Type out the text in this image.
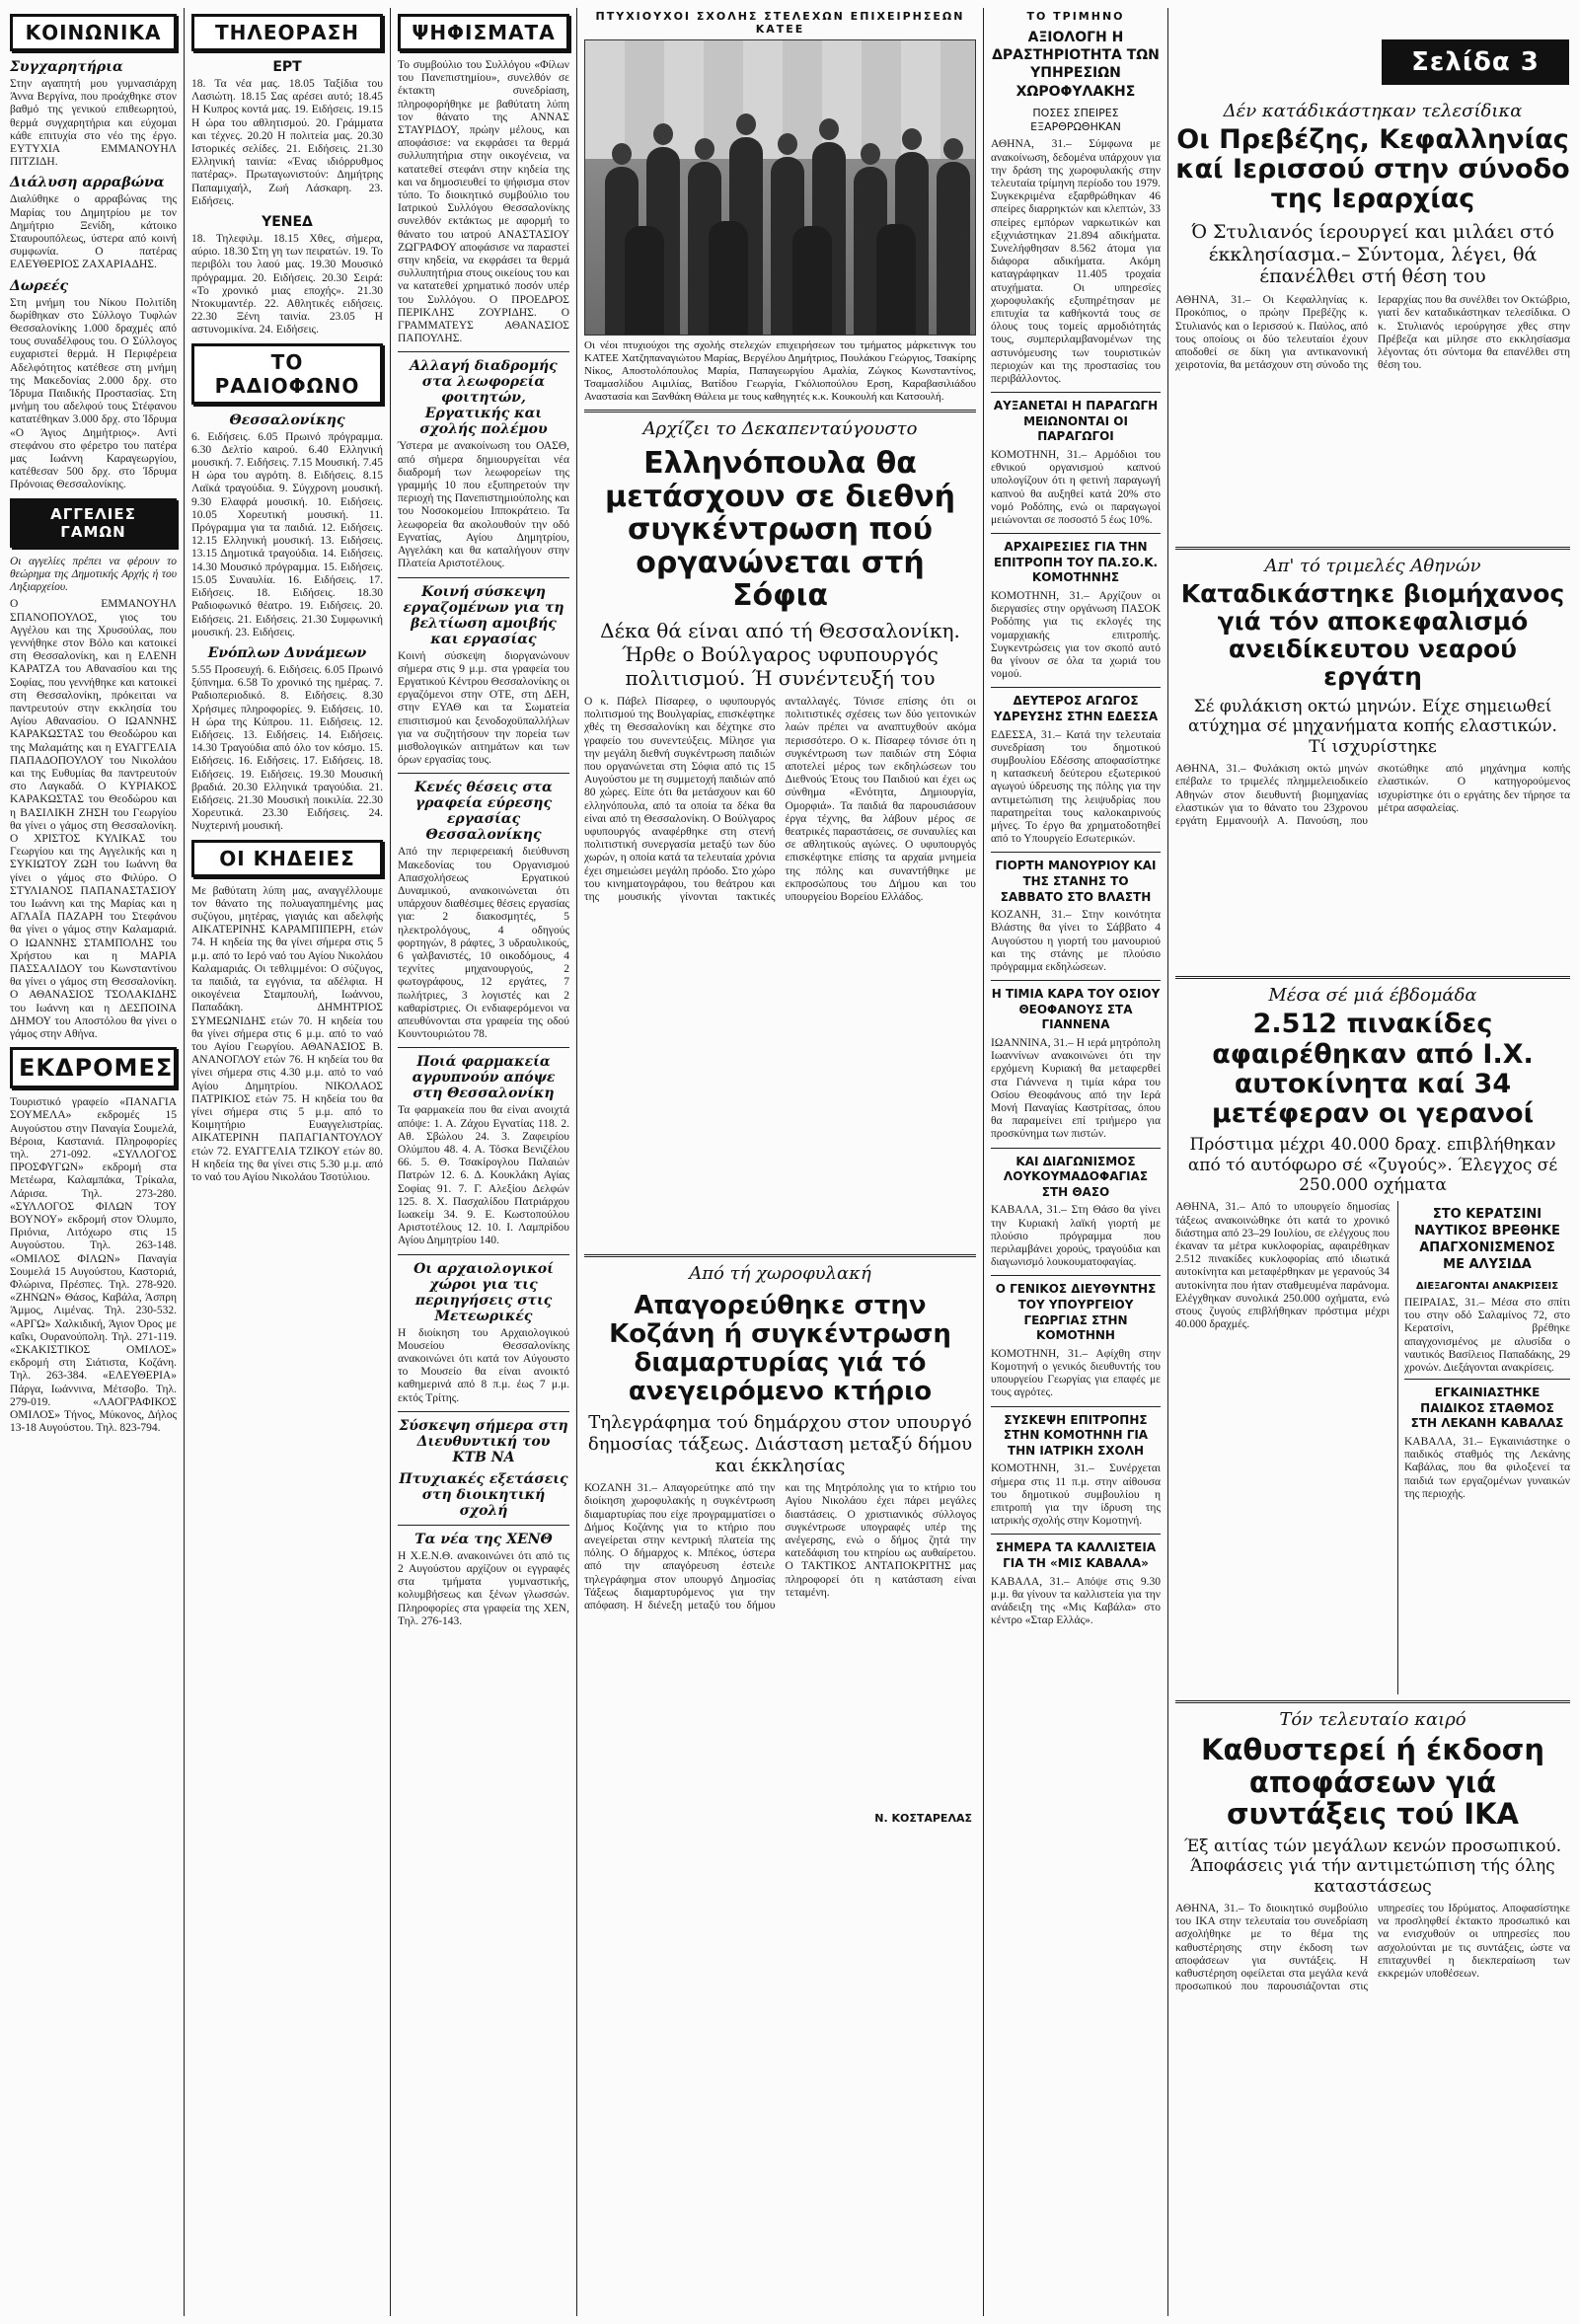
ΚΟΙΝΩΝΙΚΑ
Συγχαρητήρια
Στην αγαπητή μου γυμνασιάρχη Άννα Βεργίνα, που προάχθηκε στον βαθμό της γενικού επιθεωρητού, θερμά συγχαρητήρια και εύχομαι κάθε επιτυχία στο νέο της έργο. ΕΥΤΥΧΙΑ ΕΜΜΑΝΟΥΗΛ ΠΙΤΖΙΔΗ.
Διάλυση αρραβώνα
Διαλύθηκε ο αρραβώνας της Μαρίας του Δημητρίου με τον Δημήτριο Ξενίδη, κάτοικο Σταυρουπόλεως, ύστερα από κοινή συμφωνία. Ο πατέρας ΕΛΕΥΘΕΡΙΟΣ ΖΑΧΑΡΙΑΔΗΣ.
Δωρεές
Στη μνήμη του Νίκου Πολιτίδη δωρίθηκαν στο Σύλλογο Τυφλών Θεσσαλονίκης 1.000 δραχμές από τους συναδέλφους του. Ο Σύλλογος ευχαριστεί θερμά. Η Περιφέρεια Αδελφότητος κατέθεσε στη μνήμη της Μακεδονίας 2.000 δρχ. στο Ίδρυμα Παιδικής Προστασίας. Στη μνήμη του αδελφού τους Στέφανου κατατέθηκαν 3.000 δρχ. στο Ίδρυμα «Ο Άγιος Δημήτριος». Αντί στεφάνου στο φέρετρο του πατέρα μας Ιωάννη Καραγεωργίου, κατέθεσαν 500 δρχ. στο Ίδρυμα Πρόνοιας Θεσσαλονίκης.
ΑΓΓΕΛΙΕΣ ΓΑΜΩΝ
Οι αγγελίες πρέπει να φέρουν το θεώρημα της Δημοτικής Αρχής ή του Ληξιαρχείου.
Ο ΕΜΜΑΝΟΥΗΛ ΣΠΑΝΟΠΟΥΛΟΣ, γιος του Αγγέλου και της Χρυσούλας, που γεννήθηκε στον Βόλο και κατοικεί στη Θεσσαλονίκη, και η ΕΛΕΝΗ ΚΑΡΑΤΖΑ του Αθανασίου και της Σοφίας, που γεννήθηκε και κατοικεί στη Θεσσαλονίκη, πρόκειται να παντρευτούν στην εκκλησία του Αγίου Αθανασίου. Ο ΙΩΑΝΝΗΣ ΚΑΡΑΚΩΣΤΑΣ του Θεοδώρου και της Μαλαμάτης και η ΕΥΑΓΓΕΛΙΑ ΠΑΠΑΔΟΠΟΥΛΟΥ του Νικολάου και της Ευθυμίας θα παντρευτούν στο Λαγκαδά. Ο ΚΥΡΙΑΚΟΣ ΚΑΡΑΚΩΣΤΑΣ του Θεοδώρου και η ΒΑΣΙΛΙΚΗ ΖΗΣΗ του Γεωργίου θα γίνει ο γάμος στη Θεσσαλονίκη. Ο ΧΡΙΣΤΟΣ ΚΥΛΙΚΑΣ του Γεωργίου και της Αγγελικής και η ΣΥΚΙΩΤΟΥ ΖΩΗ του Ιωάννη θα γίνει ο γάμος στο Φιλύρο. Ο ΣΤΥΛΙΑΝΟΣ ΠΑΠΑΝΑΣΤΑΣΙΟΥ του Ιωάννη και της Μαρίας και η ΑΓΛΑΪΑ ΠΑΖΑΡΗ του Στεφάνου θα γίνει ο γάμος στην Καλαμαριά. Ο ΙΩΑΝΝΗΣ ΣΤΑΜΠΟΛΗΣ του Χρήστου και η ΜΑΡΙΑ ΠΑΣΣΑΛΙΔΟΥ του Κωνσταντίνου θα γίνει ο γάμος στη Θεσσαλονίκη. Ο ΑΘΑΝΑΣΙΟΣ ΤΣΟΛΑΚΙΔΗΣ του Ιωάννη και η ΔΕΣΠΟΙΝΑ ΔΗΜΟΥ του Αποστόλου θα γίνει ο γάμος στην Αθήνα.
ΕΚΔΡΟΜΕΣ
Τουριστικό γραφείο «ΠΑΝΑΓΙΑ ΣΟΥΜΕΛΑ» εκδρομές 15 Αυγούστου στην Παναγία Σουμελά, Βέροια, Καστανιά. Πληροφορίες τηλ. 271-092. «ΣΥΛΛΟΓΟΣ ΠΡΟΣΦΥΓΩΝ» εκδρομή στα Μετέωρα, Καλαμπάκα, Τρίκαλα, Λάρισα. Τηλ. 273-280. «ΣΥΛΛΟΓΟΣ ΦΙΛΩΝ ΤΟΥ ΒΟΥΝΟΥ» εκδρομή στον Όλυμπο, Πριόνια, Λιτόχωρο στις 15 Αυγούστου. Τηλ. 263-148. «ΟΜΙΛΟΣ ΦΙΛΩΝ» Παναγία Σουμελά 15 Αυγούστου, Καστοριά, Φλώρινα, Πρέσπες. Τηλ. 278-920. «ΖΗΝΩΝ» Θάσος, Καβάλα, Άσπρη Άμμος, Λιμένας. Τηλ. 230-532. «ΑΡΓΩ» Χαλκιδική, Άγιον Όρος με καΐκι, Ουρανούπολη. Τηλ. 271-119. «ΣΚΑΚΙΣΤΙΚΟΣ ΟΜΙΛΟΣ» εκδρομή στη Σιάτιστα, Κοζάνη. Τηλ. 263-384. «ΕΛΕΥΘΕΡΙΑ» Πάργα, Ιωάννινα, Μέτσοβο. Τηλ. 279-019. «ΛΑΟΓΡΑΦΙΚΟΣ ΟΜΙΛΟΣ» Τήνος, Μύκονος, Δήλος 13-18 Αυγούστου. Τηλ. 823-794.
ΤΗΛΕΟΡΑΣΗ
ΕΡΤ
18. Τα νέα μας. 18.05 Ταξίδια του Λασιώτη. 18.15 Σας αρέσει αυτό; 18.45 Η Κυπρος κοντά μας. 19. Ειδήσεις. 19.15 Η ώρα του αθλητισμού. 20. Γράμματα και τέχνες. 20.20 Η πολιτεία μας. 20.30 Ιστορικές σελίδες. 21. Ειδήσεις. 21.30 Ελληνική ταινία: «Ένας ιδιόρρυθμος πατέρας». Πρωταγωνιστούν: Δημήτρης Παπαμιχαήλ, Ζωή Λάσκαρη. 23. Ειδήσεις.
ΥΕΝΕΔ
18. Τηλεφιλμ. 18.15 Χθες, σήμερα, αύριο. 18.30 Στη γη των πειρατών. 19. Το περιβόλι του λαού μας. 19.30 Μουσικό πρόγραμμα. 20. Ειδήσεις. 20.30 Σειρά: «Το χρονικό μιας εποχής». 21.30 Ντοκυμαντέρ. 22. Αθλητικές ειδήσεις. 22.30 Ξένη ταινία. 23.05 Η αστυνομικίνα. 24. Ειδήσεις.
ΤΟ ΡΑΔΙΟΦΩΝΟ
Θεσσαλονίκης
6. Ειδήσεις. 6.05 Πρωινό πρόγραμμα. 6.30 Δελτίο καιρού. 6.40 Ελληνική μουσική. 7. Ειδήσεις. 7.15 Μουσική. 7.45 Η ώρα του αγρότη. 8. Ειδήσεις. 8.15 Λαϊκά τραγούδια. 9. Σύγχρονη μουσική. 9.30 Ελαφρά μουσική. 10. Ειδήσεις. 10.05 Χορευτική μουσική. 11. Πρόγραμμα για τα παιδιά. 12. Ειδήσεις. 12.15 Ελληνική μουσική. 13. Ειδήσεις. 13.15 Δημοτικά τραγούδια. 14. Ειδήσεις. 14.30 Μουσικό πρόγραμμα. 15. Ειδήσεις. 15.05 Συναυλία. 16. Ειδήσεις. 17. Ειδήσεις. 18. Ειδήσεις. 18.30 Ραδιοφωνικό θέατρο. 19. Ειδήσεις. 20. Ειδήσεις. 21. Ειδήσεις. 21.30 Συμφωνική μουσική. 23. Ειδήσεις.
Ενόπλων Δυνάμεων
5.55 Προσευχή. 6. Ειδήσεις. 6.05 Πρωινό ξύπνημα. 6.58 Το χρονικό της ημέρας. 7. Ραδιοπεριοδικό. 8. Ειδήσεις. 8.30 Χρήσιμες πληροφορίες. 9. Ειδήσεις. 10. Η ώρα της Κύπρου. 11. Ειδήσεις. 12. Ειδήσεις. 13. Ειδήσεις. 14. Ειδήσεις. 14.30 Τραγούδια από όλο τον κόσμο. 15. Ειδήσεις. 16. Ειδήσεις. 17. Ειδήσεις. 18. Ειδήσεις. 19. Ειδήσεις. 19.30 Μουσική βραδιά. 20.30 Ελληνικά τραγούδια. 21. Ειδήσεις. 21.30 Μουσική ποικιλία. 22.30 Χορευτικά. 23.30 Ειδήσεις. 24. Νυχτερινή μουσική.
ΟΙ ΚΗΔΕΙΕΣ
Με βαθύτατη λύπη μας, αναγγέλλουμε τον θάνατο της πολυαγαπημένης μας συζύγου, μητέρας, γιαγιάς και αδελφής ΑΙΚΑΤΕΡΙΝΗΣ ΚΑΡΑΜΠΙΠΕΡΗ, ετών 74. Η κηδεία της θα γίνει σήμερα στις 5 μ.μ. από το Ιερό ναό του Αγίου Νικολάου Καλαμαριάς. Οι τεθλιμμένοι: Ο σύζυγος, τα παιδιά, τα εγγόνια, τα αδέλφια. Η οικογένεια Σταμπουλή, Ιωάννου, Παπαδάκη. ΔΗΜΗΤΡΙΟΣ ΣΥΜΕΩΝΙΔΗΣ ετών 70. Η κηδεία του θα γίνει σήμερα στις 6 μ.μ. από το ναό του Αγίου Γεωργίου. ΑΘΑΝΑΣΙΟΣ Β. ΑΝΑΝΟΓΛΟΥ ετών 76. Η κηδεία του θα γίνει σήμερα στις 4.30 μ.μ. από το ναό Αγίου Δημητρίου. ΝΙΚΟΛΑΟΣ ΠΑΤΡΙΚΙΟΣ ετών 75. Η κηδεία του θα γίνει σήμερα στις 5 μ.μ. από το Κοιμητήριο Ευαγγελιστρίας. ΑΙΚΑΤΕΡΙΝΗ ΠΑΠΑΓΙΑΝΤΟΥΛΟΥ ετών 72. ΕΥΑΓΓΕΛΙΑ ΤΖΙΚΟΥ ετών 80. Η κηδεία της θα γίνει στις 5.30 μ.μ. από το ναό του Αγίου Νικολάου Τσοτύλιου.
ΨΗΦΙΣΜΑΤΑ
Το συμβούλιο του Συλλόγου «Φίλων του Πανεπιστημίου», συνελθόν σε έκτακτη συνεδρίαση, πληροφορήθηκε με βαθύτατη λύπη τον θάνατο της ΑΝΝΑΣ ΣΤΑΥΡΙΔΟΥ, πρώην μέλους, και αποφάσισε: να εκφράσει τα θερμά συλλυπητήρια στην οικογένεια, να κατατεθεί στεφάνι στην κηδεία της και να δημοσιευθεί το ψήφισμα στον τύπο. Το διοικητικό συμβούλιο του Ιατρικού Συλλόγου Θεσσαλονίκης συνελθόν εκτάκτως με αφορμή το θάνατο του ιατρού ΑΝΑΣΤΑΣΙΟΥ ΖΩΓΡΑΦΟΥ αποφάσισε να παραστεί στην κηδεία, να εκφράσει τα θερμά συλλυπητήρια στους οικείους του και να κατατεθεί χρηματικό ποσόν υπέρ του Συλλόγου. Ο ΠΡΟΕΔΡΟΣ ΠΕΡΙΚΛΗΣ ΖΟΥΡΙΔΗΣ. Ο ΓΡΑΜΜΑΤΕΥΣ ΑΘΑΝΑΣΙΟΣ ΠΑΠΟΥΛΗΣ.
Αλλαγή διαδρομής στα λεωφορεία φοιτητών, Εργατικής και σχολής πολέμου
Ύστερα με ανακοίνωση του ΟΑΣΘ, από σήμερα δημιουργείται νέα διαδρομή των λεωφορείων της γραμμής 10 που εξυπηρετούν την περιοχή της Πανεπιστημιούπολης και του Νοσοκομείου Ιπποκράτειο. Τα λεωφορεία θα ακολουθούν την οδό Εγνατίας, Αγίου Δημητρίου, Αγγελάκη και θα καταλήγουν στην Πλατεία Αριστοτέλους.
Κοινή σύσκεψη εργαζομένων για τη βελτίωση αμοιβής και εργασίας
Κοινή σύσκεψη διοργανώνουν σήμερα στις 9 μ.μ. στα γραφεία του Εργατικού Κέντρου Θεσσαλονίκης οι εργαζόμενοι στην ΟΤΕ, στη ΔΕΗ, στην ΕΥΑΘ και τα Σωματεία επισιτισμού και ξενοδοχοϋπαλλήλων για να συζητήσουν την πορεία των μισθολογικών αιτημάτων και των όρων εργασίας τους.
Κενές θέσεις στα γραφεία εύρεσης εργασίας Θεσσαλονίκης
Από την περιφερειακή διεύθυνση Μακεδονίας του Οργανισμού Απασχολήσεως Εργατικού Δυναμικού, ανακοινώνεται ότι υπάρχουν διαθέσιμες θέσεις εργασίας για: 2 διακοσμητές, 5 ηλεκτρολόγους, 4 οδηγούς φορτηγών, 8 ράφτες, 3 υδραυλικούς, 6 γαλβανιστές, 10 οικοδόμους, 4 τεχνίτες μηχανουργούς, 2 φωτογράφους, 12 εργάτες, 7 πωλήτριες, 3 λογιστές και 2 καθαρίστριες. Οι ενδιαφερόμενοι να απευθύνονται στα γραφεία της οδού Κουντουριώτου 78.
Ποιά φαρμακεία αγρυπνούν απόψε στη Θεσσαλονίκη
Τα φαρμακεία που θα είναι ανοιχτά απόψε: 1. Α. Ζάχου Εγνατίας 118. 2. Αθ. Σβώλου 24. 3. Ζαφειρίου Ολύμπου 48. 4. Α. Τόσκα Βενιζέλου 66. 5. Θ. Τσακίρογλου Παλαιών Πατρών 12. 6. Δ. Κουκλάκη Αγίας Σοφίας 91. 7. Γ. Αλεξίου Δελφών 125. 8. Χ. Πασχαλίδου Πατριάρχου Ιωακείμ 34. 9. Ε. Κωστοπούλου Αριστοτέλους 12. 10. Ι. Λαμπρίδου Αγίου Δημητρίου 140.
Οι αρχαιολογικοί χώροι για τις περιηγήσεις στις Μετεωρικές
Η διοίκηση του Αρχαιολογικού Μουσείου Θεσσαλονίκης ανακοινώνει ότι κατά τον Αύγουστο το Μουσείο θα είναι ανοικτό καθημερινά από 8 π.μ. έως 7 μ.μ. εκτός Τρίτης.
Σύσκεψη σήμερα στη Διευθυντική του ΚΤΒ ΝΑ
Πτυχιακές εξετάσεις στη διοικητική σχολή
Τα νέα της ΧΕΝΘ
Η Χ.Ε.Ν.Θ. ανακοινώνει ότι από τις 2 Αυγούστου αρχίζουν οι εγγραφές στα τμήματα γυμναστικής, κολυμβήσεως και ξένων γλωσσών. Πληροφορίες στα γραφεία της ΧΕΝ, Τηλ. 276-143.
ΠΤΥΧΙΟΥΧΟΙ ΣΧΟΛΗΣ ΣΤΕΛΕΧΩΝ ΕΠΙΧΕΙΡΗΣΕΩΝ ΚΑΤΕΕ
Οι νέοι πτυχιούχοι της σχολής στελεχών επιχειρήσεων του τμήματος μάρκετινγκ του ΚΑΤΕΕ Χατζηπαναγιώτου Μαρίας, Βεργέλου Δημήτριος, Πουλάκου Γεώργιος, Τσακίρης Νίκος, Αποστολόπουλος Μαρία, Παπαγεωργίου Αμαλία, Ζώγκος Κωνσταντίνος, Τσαμασλίδου Αιμιλίας, Βατίδου Γεωργία, Γκόλιοπούλου Ερση, Καραβασιλιάδου Αναστασία και Ξανθάκη Θάλεια με τους καθηγητές κ.κ. Κουκουλή και Κατσουλή.
Αρχίζει το Δεκαπενταύγουστο
Ελληνόπουλα θα μετάσχουν σε διεθνή συγκέντρωση πού οργανώνεται στή Σόφια
Δέκα θά είναι από τή Θεσσαλονίκη. Ήρθε ο Βούλγαρος υφυπουργός πολιτισμού. Ή συνέντευξή του
Ο κ. Πάβελ Πίσαρεφ, ο υφυπουργός πολιτισμού της Βουλγαρίας, επισκέφτηκε χθές τη Θεσσαλονίκη και δέχτηκε στο γραφείο του συνεντεύξεις. Μίλησε για την μεγάλη διεθνή συγκέντρωση παιδιών που οργανώνεται στη Σόφια από τις 15 Αυγούστου με τη συμμετοχή παιδιών από 80 χώρες. Είπε ότι θα μετάσχουν και 60 ελληνόπουλα, από τα οποία τα δέκα θα είναι από τη Θεσσαλονίκη. Ο Βούλγαρος υφυπουργός αναφέρθηκε στη στενή πολιτιστική συνεργασία μεταξύ των δύο χωρών, η οποία κατά τα τελευταία χρόνια έχει σημειώσει μεγάλη πρόοδο. Στο χώρο του κινηματογράφου, του θεάτρου και της μουσικής γίνονται τακτικές ανταλλαγές. Τόνισε επίσης ότι οι πολιτιστικές σχέσεις των δύο γειτονικών λαών πρέπει να αναπτυχθούν ακόμα περισσότερο. Ο κ. Πίσαρεφ τόνισε ότι η συγκέντρωση των παιδιών στη Σόφια αποτελεί μέρος των εκδηλώσεων του Διεθνούς Έτους του Παιδιού και έχει ως σύνθημα «Ενότητα, Δημιουργία, Ομορφιά». Τα παιδιά θα παρουσιάσουν έργα τέχνης, θα λάβουν μέρος σε θεατρικές παραστάσεις, σε συναυλίες και σε αθλητικούς αγώνες. Ο υφυπουργός επισκέφτηκε επίσης τα αρχαία μνημεία της πόλης και συναντήθηκε με εκπροσώπους του Δήμου και του υπουργείου Βορείου Ελλάδος.
Από τή χωροφυλακή
Απαγορεύθηκε στην Κοζάνη ή συγκέντρωση διαμαρτυρίας γιά τό ανεγειρόμενο κτήριο
Τηλεγράφημα τού δημάρχου στον υπουργό δημοσίας τάξεως. Διάσταση μεταξύ δήμου και έκκλησίας
ΚΟΖΑΝΗ 31.– Απαγορεύτηκε από την διοίκηση χωροφυλακής η συγκέντρωση διαμαρτυρίας που είχε προγραμματίσει ο Δήμος Κοζάνης για το κτήριο που ανεγείρεται στην κεντρική πλατεία της πόλης. Ο δήμαρχος κ. Μπέκος, ύστερα από την απαγόρευση έστειλε τηλεγράφημα στον υπουργό Δημοσίας Τάξεως διαμαρτυρόμενος για την απόφαση. Η διένεξη μεταξύ του δήμου και της Μητρόπολης για το κτήριο του Αγίου Νικολάου έχει πάρει μεγάλες διαστάσεις. Ο χριστιανικός σύλλογος συγκέντρωσε υπογραφές υπέρ της ανέγερσης, ενώ ο δήμος ζητά την κατεδάφιση του κτηρίου ως αυθαίρετου. Ο ΤΑΚΤΙΚΟΣ ΑΝΤΑΠΟΚΡΙΤΗΣ μας πληροφορεί ότι η κατάσταση είναι τεταμένη.
Ν. ΚΟΣΤΑΡΕΛΑΣ
ΤΟ ΤΡΙΜΗΝΟ
ΑΞΙΟΛΟΓΗ Η ΔΡΑΣΤΗΡΙΟΤΗΤΑ ΤΩΝ ΥΠΗΡΕΣΙΩΝ ΧΩΡΟΦΥΛΑΚΗΣ
ΠΟΣΕΣ ΣΠΕΙΡΕΣ ΕΞΑΡΘΡΩΘΗΚΑΝ
ΑΘΗΝΑ, 31.– Σύμφωνα με ανακοίνωση, δεδομένα υπάρχουν για την δράση της χωροφυλακής στην τελευταία τρίμηνη περίοδο του 1979. Συγκεκριμένα εξαρθρώθηκαν 46 σπείρες διαρρηκτών και κλεπτών, 33 σπείρες εμπόρων ναρκωτικών και εξιχνιάστηκαν 21.894 αδικήματα. Συνελήφθησαν 8.562 άτομα για διάφορα αδικήματα. Ακόμη καταγράφηκαν 11.405 τροχαία ατυχήματα. Οι υπηρεσίες χωροφυλακής εξυπηρέτησαν με επιτυχία τα καθήκοντά τους σε όλους τους τομείς αρμοδιότητάς τους, συμπεριλαμβανομένων της αστυνόμευσης των τουριστικών περιοχών και της προστασίας του περιβάλλοντος.
ΑΥΞΑΝΕΤΑΙ Η ΠΑΡΑΓΩΓΗ ΜΕΙΩΝΟΝΤΑΙ ΟΙ ΠΑΡΑΓΩΓΟΙ
ΚΟΜΟΤΗΝΗ, 31.– Αρμόδιοι του εθνικού οργανισμού καπνού υπολογίζουν ότι η φετινή παραγωγή καπνού θα αυξηθεί κατά 20% στο νομό Ροδόπης, ενώ οι παραγωγοί μειώνονται σε ποσοστό 5 έως 10%.
ΑΡΧΑΙΡΕΣΙΕΣ ΓΙΑ ΤΗΝ ΕΠΙΤΡΟΠΗ ΤΟΥ ΠΑ.ΣΟ.Κ. ΚΟΜΟΤΗΝΗΣ
ΚΟΜΟΤΗΝΗ, 31.– Αρχίζουν οι διεργασίες στην οργάνωση ΠΑΣΟΚ Ροδόπης για τις εκλογές της νομαρχιακής επιτροπής. Συγκεντρώσεις για τον σκοπό αυτό θα γίνουν σε όλα τα χωριά του νομού.
ΔΕΥΤΕΡΟΣ ΑΓΩΓΟΣ ΥΔΡΕΥΣΗΣ ΣΤΗΝ ΕΔΕΣΣΑ
ΕΔΕΣΣΑ, 31.– Κατά την τελευταία συνεδρίαση του δημοτικού συμβουλίου Εδέσσης αποφασίστηκε η κατασκευή δεύτερου εξωτερικού αγωγού ύδρευσης της πόλης για την αντιμετώπιση της λειψυδρίας που παρατηρείται τους καλοκαιρινούς μήνες. Το έργο θα χρηματοδοτηθεί από το Υπουργείο Εσωτερικών.
ΓΙΟΡΤΗ ΜΑΝΟΥΡΙΟΥ ΚΑΙ ΤΗΣ ΣΤΑΝΗΣ ΤΟ ΣΑΒΒΑΤΟ ΣΤΟ ΒΛΑΣΤΗ
ΚΟΖΑΝΗ, 31.– Στην κοινότητα Βλάστης θα γίνει το Σάββατο 4 Αυγούστου η γιορτή του μανουριού και της στάνης με πλούσιο πρόγραμμα εκδηλώσεων.
Η ΤΙΜΙΑ ΚΑΡΑ ΤΟΥ ΟΣΙΟΥ ΘΕΟΦΑΝΟΥΣ ΣΤΑ ΓΙΑΝΝΕΝΑ
ΙΩΑΝΝΙΝΑ, 31.– Η ιερά μητρόπολη Ιωαννίνων ανακοινώνει ότι την ερχόμενη Κυριακή θα μεταφερθεί στα Γιάννενα η τιμία κάρα του Οσίου Θεοφάνους από την Ιερά Μονή Παναγίας Καστρίτσας, όπου θα παραμείνει επί τριήμερο για προσκύνημα των πιστών.
ΚΑΙ ΔΙΑΓΩΝΙΣΜΟΣ ΛΟΥΚΟΥΜΑΔΟΦΑΓΙΑΣ ΣΤΗ ΘΑΣΟ
ΚΑΒΑΛΑ, 31.– Στη Θάσο θα γίνει την Κυριακή λαϊκή γιορτή με πλούσιο πρόγραμμα που περιλαμβάνει χορούς, τραγούδια και διαγωνισμό λουκουματοφαγίας.
Ο ΓΕΝΙΚΟΣ ΔΙΕΥΘΥΝΤΗΣ ΤΟΥ ΥΠΟΥΡΓΕΙΟΥ ΓΕΩΡΓΙΑΣ ΣΤΗΝ ΚΟΜΟΤΗΝΗ
ΚΟΜΟΤΗΝΗ, 31.– Αφίχθη στην Κομοτηνή ο γενικός διευθυντής του υπουργείου Γεωργίας για επαφές με τους αγρότες.
ΣΥΣΚΕΨΗ ΕΠΙΤΡΟΠΗΣ ΣΤΗΝ ΚΟΜΟΤΗΝΗ ΓΙΑ ΤΗΝ ΙΑΤΡΙΚΗ ΣΧΟΛΗ
ΚΟΜΟΤΗΝΗ, 31.– Συνέρχεται σήμερα στις 11 π.μ. στην αίθουσα του δημοτικού συμβουλίου η επιτροπή για την ίδρυση της ιατρικής σχολής στην Κομοτηνή.
ΣΗΜΕΡΑ ΤΑ ΚΑΛΛΙΣΤΕΙΑ ΓΙΑ ΤΗ «ΜΙΣ ΚΑΒΑΛΑ»
ΚΑΒΑΛΑ, 31.– Απόψε στις 9.30 μ.μ. θα γίνουν τα καλλιστεία για την ανάδειξη της «Μις Καβάλα» στο κέντρο «Σταρ Ελλάς».
Σελίδα 3
Δέν κατάδικάστηκαν τελεσίδικα
Οι Πρεβέζης, Κεφαλληνίας καί Ιερισσού στην σύνοδο της Ιεραρχίας
Ό Στυλιανός ίερουργεί και μιλάει στό έκκλησίασμα.– Σύντομα, λέγει, θά έπανέλθει στή θέση του
ΑΘΗΝΑ, 31.– Οι Κεφαλληνίας κ. Προκόπιος, ο πρώην Πρεβέζης κ. Στυλιανός και ο Ιερισσού κ. Παύλος, από τους οποίους οι δύο τελευταίοι έχουν αποδοθεί σε δίκη για αντικανονική χειροτονία, θα μετάσχουν στη σύνοδο της Ιεραρχίας που θα συνέλθει τον Οκτώβριο, γιατί δεν καταδικάστηκαν τελεσίδικα. Ο κ. Στυλιανός ιερούργησε χθες στην Πρέβεζα και μίλησε στο εκκλησίασμα λέγοντας ότι σύντομα θα επανέλθει στη θέση του.
Απ' τό τριμελές Αθηνών
Καταδικάστηκε βιομήχανος γιά τόν αποκεφαλισμό ανειδίκευτου νεαρού εργάτη
Σέ φυλάκιση οκτώ μηνών. Είχε σημειωθεί ατύχημα σέ μηχανήματα κοπής ελαστικών. Τί ισχυρίστηκε
ΑΘΗΝΑ, 31.– Φυλάκιση οκτώ μηνών επέβαλε το τριμελές πλημμελειοδικείο Αθηνών στον διευθυντή βιομηχανίας ελαστικών για το θάνατο του 23χρονου εργάτη Εμμανουήλ Α. Πανούση, που σκοτώθηκε από μηχάνημα κοπής ελαστικών. Ο κατηγορούμενος ισχυρίστηκε ότι ο εργάτης δεν τήρησε τα μέτρα ασφαλείας.
Μέσα σέ μιά έβδομάδα
2.512 πινακίδες αφαιρέθηκαν από Ι.Χ. αυτοκίνητα καί 34 μετέφεραν οι γερανοί
Πρόστιμα μέχρι 40.000 δραχ. επιβλήθηκαν από τό αυτόφωρο σέ «ζυγούς». Έλεγχος σέ 250.000 οχήματα
ΑΘΗΝΑ, 31.– Από το υπουργείο δημοσίας τάξεως ανακοινώθηκε ότι κατά το χρονικό διάστημα από 23–29 Ιουλίου, σε ελέγχους που έκαναν τα μέτρα κυκλοφορίας, αφαιρέθηκαν 2.512 πινακίδες κυκλοφορίας από ιδιωτικά αυτοκίνητα και μεταφέρθηκαν με γερανούς 34 αυτοκίνητα που ήταν σταθμευμένα παράνομα. Ελέγχθηκαν συνολικά 250.000 οχήματα, ενώ στους ζυγούς επιβλήθηκαν πρόστιμα μέχρι 40.000 δραχμές.
ΣΤΟ ΚΕΡΑΤΣΙΝΙ ΝΑΥΤΙΚΟΣ ΒΡΕΘΗΚΕ ΑΠΑΓΧΟΝΙΣΜΕΝΟΣ ΜΕ ΑΛΥΣΙΔΑ
ΔΙΕΞΑΓΟΝΤΑΙ ΑΝΑΚΡΙΣΕΙΣ
ΠΕΙΡΑΙΑΣ, 31.– Μέσα στο σπίτι του στην οδό Σαλαμίνος 72, στο Κερατσίνι, βρέθηκε απαγχονισμένος με αλυσίδα ο ναυτικός Βασίλειος Παπαδάκης, 29 χρονών. Διεξάγονται ανακρίσεις.
ΕΓΚΑΙΝΙΑΣΤΗΚΕ ΠΑΙΔΙΚΟΣ ΣΤΑΘΜΟΣ ΣΤΗ ΛΕΚΑΝΗ ΚΑΒΑΛΑΣ
ΚΑΒΑΛΑ, 31.– Εγκαινιάστηκε ο παιδικός σταθμός της Λεκάνης Καβάλας, που θα φιλοξενεί τα παιδιά των εργαζομένων γυναικών της περιοχής.
Τόν τελευταίο καιρό
Καθυστερεί ή έκδοση αποφάσεων γιά συντάξεις τού ΙΚΑ
Έξ αιτίας τών μεγάλων κενών προσωπικού. Άποφάσεις γιά τήν αντιμετώπιση τής όλης καταστάσεως
ΑΘΗΝΑ, 31.– Το διοικητικό συμβούλιο του ΙΚΑ στην τελευταία του συνεδρίαση ασχολήθηκε με το θέμα της καθυστέρησης στην έκδοση των αποφάσεων για συντάξεις. Η καθυστέρηση οφείλεται στα μεγάλα κενά προσωπικού που παρουσιάζονται στις υπηρεσίες του Ιδρύματος. Αποφασίστηκε να προσληφθεί έκτακτο προσωπικό και να ενισχυθούν οι υπηρεσίες που ασχολούνται με τις συντάξεις, ώστε να επιταχυνθεί η διεκπεραίωση των εκκρεμών υποθέσεων.
